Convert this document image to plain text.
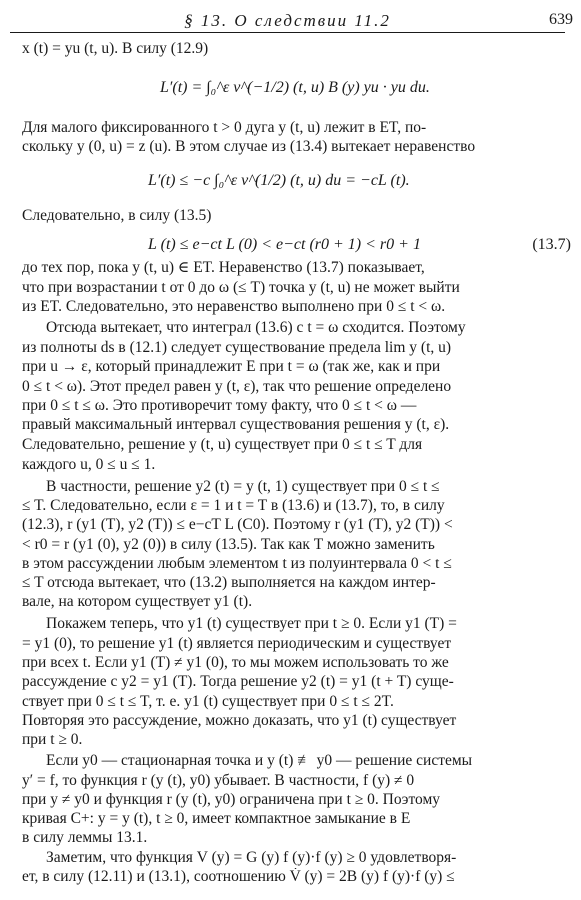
§ 13. О следствии 11.2	639
x (t) = yu (t, u). В силу (12.9)
L′(t) = ∫₀^ε v^(−1/2) (t, u) B (y) yu · yu du.
Для малого фиксированного t > 0 дуга y (t, u) лежит в ET, по-
скольку y (0, u) = z (u). В этом случае из (13.4) вытекает неравенство
L′(t) ≤ −c ∫₀^ε v^(1/2) (t, u) du = −cL (t).
Следовательно, в силу (13.5)
L (t) ≤ e−ct L (0) < e−ct (r0 + 1) < r0 + 1	(13.7)
до тех пор, пока y (t, u) ∈ ET. Неравенство (13.7) показывает,
что при возрастании t от 0 до ω (≤ T) точка y (t, u) не может выйти
из ET. Следовательно, это неравенство выполнено при 0 ≤ t < ω.
Отсюда вытекает, что интеграл (13.6) с t = ω сходится. Поэтому
из полноты ds в (12.1) следует существование предела lim y (t, u)
при u → ε, который принадлежит E при t = ω (так же, как и при
0 ≤ t < ω). Этот предел равен y (t, ε), так что решение определено
при 0 ≤ t ≤ ω. Это противоречит тому факту, что 0 ≤ t < ω —
правый максимальный интервал существования решения y (t, ε).
Следовательно, решение y (t, u) существует при 0 ≤ t ≤ T для
каждого u, 0 ≤ u ≤ 1.
В частности, решение y2 (t) = y (t, 1) существует при 0 ≤ t ≤
≤ T. Следовательно, если ε = 1 и t = T в (13.6) и (13.7), то, в силу
(12.3), r (y1 (T), y2 (T)) ≤ e−cT L (C0). Поэтому r (y1 (T), y2 (T)) <
< r0 = r (y1 (0), y2 (0)) в силу (13.5). Так как T можно заменить
в этом рассуждении любым элементом t из полуинтервала 0 < t ≤
≤ T отсюда вытекает, что (13.2) выполняется на каждом интер-
вале, на котором существует y1 (t).
Покажем теперь, что y1 (t) существует при t ≥ 0. Если y1 (T) =
= y1 (0), то решение y1 (t) является периодическим и существует
при всех t. Если y1 (T) ≠ y1 (0), то мы можем использовать то же
рассуждение с y2 = y1 (T). Тогда решение y2 (t) = y1 (t + T) суще-
ствует при 0 ≤ t ≤ T, т. е. y1 (t) существует при 0 ≤ t ≤ 2T.
Повторяя это рассуждение, можно доказать, что y1 (t) существует
при t ≥ 0.
Если y0 — стационарная точка и y (t) ≢ y0 — решение системы
y′ = f, то функция r (y (t), y0) убывает. В частности, f (y) ≠ 0
при y ≠ y0 и функция r (y (t), y0) ограничена при t ≥ 0. Поэтому
кривая C+: y = y (t), t ≥ 0, имеет компактное замыкание в E
в силу леммы 13.1.
Заметим, что функция V (y) = G (y) f (y)·f (y) ≥ 0 удовлетворя-
ет, в силу (12.11) и (13.1), соотношению V̇ (y) = 2B (y) f (y)·f (y) ≤
